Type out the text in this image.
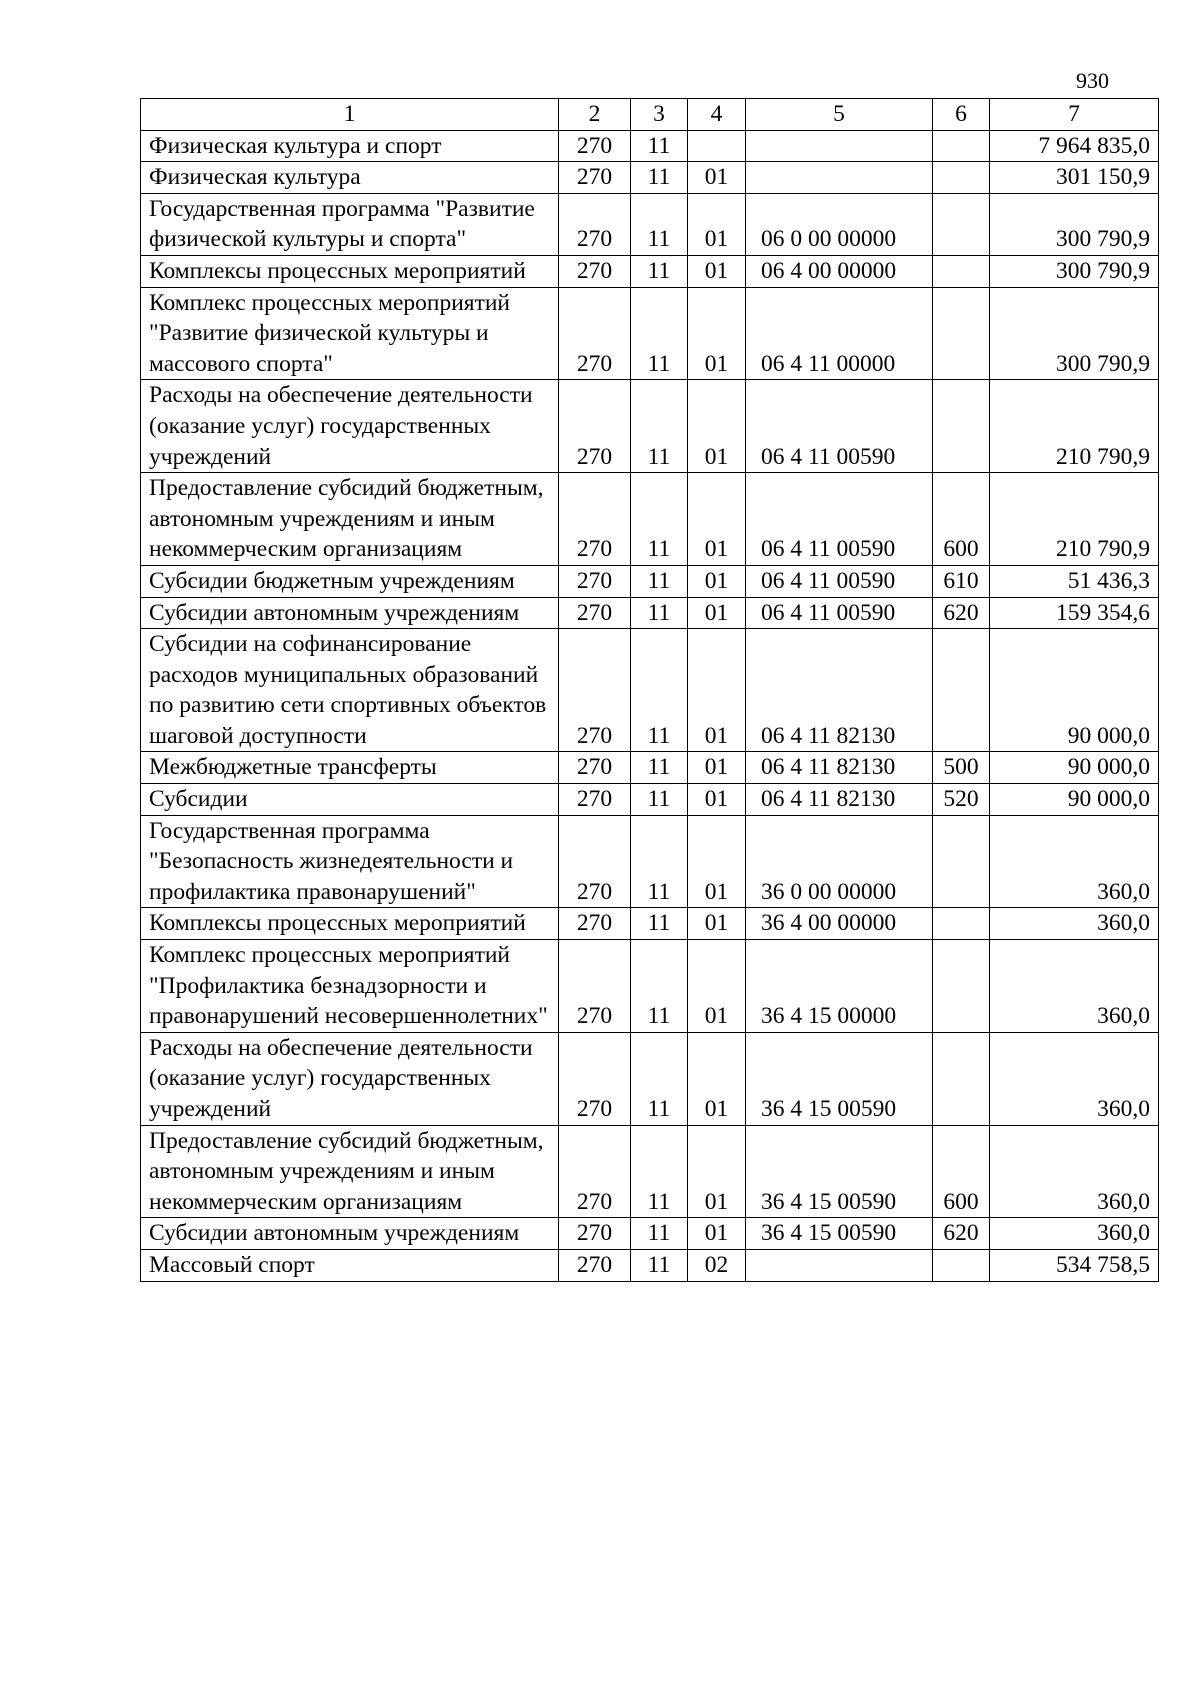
930
1	2	3	4	5	6	7
Физическая культура и спорт	270	11				7 964 835,0
Физическая культура	270	11	01			301 150,9
Государственная программа "Развитие физической культуры и спорта"	270	11	01	06 0 00 00000		300 790,9
Комплексы процессных мероприятий	270	11	01	06 4 00 00000		300 790,9
Комплекс процессных мероприятий "Развитие физической культуры и массового спорта"	270	11	01	06 4 11 00000		300 790,9
Расходы на обеспечение деятельности (оказание услуг) государственных учреждений	270	11	01	06 4 11 00590		210 790,9
Предоставление субсидий бюджетным, автономным учреждениям и иным некоммерческим организациям	270	11	01	06 4 11 00590	600	210 790,9
Субсидии бюджетным учреждениям	270	11	01	06 4 11 00590	610	51 436,3
Субсидии автономным учреждениям	270	11	01	06 4 11 00590	620	159 354,6
Субсидии на софинансирование расходов муниципальных образований по развитию сети спортивных объектов шаговой доступности	270	11	01	06 4 11 82130		90 000,0
Межбюджетные трансферты	270	11	01	06 4 11 82130	500	90 000,0
Субсидии	270	11	01	06 4 11 82130	520	90 000,0
Государственная программа "Безопасность жизнедеятельности и профилактика правонарушений"	270	11	01	36 0 00 00000		360,0
Комплексы процессных мероприятий	270	11	01	36 4 00 00000		360,0
Комплекс процессных мероприятий "Профилактика безнадзорности и правонарушений несовершеннолетних"	270	11	01	36 4 15 00000		360,0
Расходы на обеспечение деятельности (оказание услуг) государственных учреждений	270	11	01	36 4 15 00590		360,0
Предоставление субсидий бюджетным, автономным учреждениям и иным некоммерческим организациям	270	11	01	36 4 15 00590	600	360,0
Субсидии автономным учреждениям	270	11	01	36 4 15 00590	620	360,0
Массовый спорт	270	11	02			534 758,5
